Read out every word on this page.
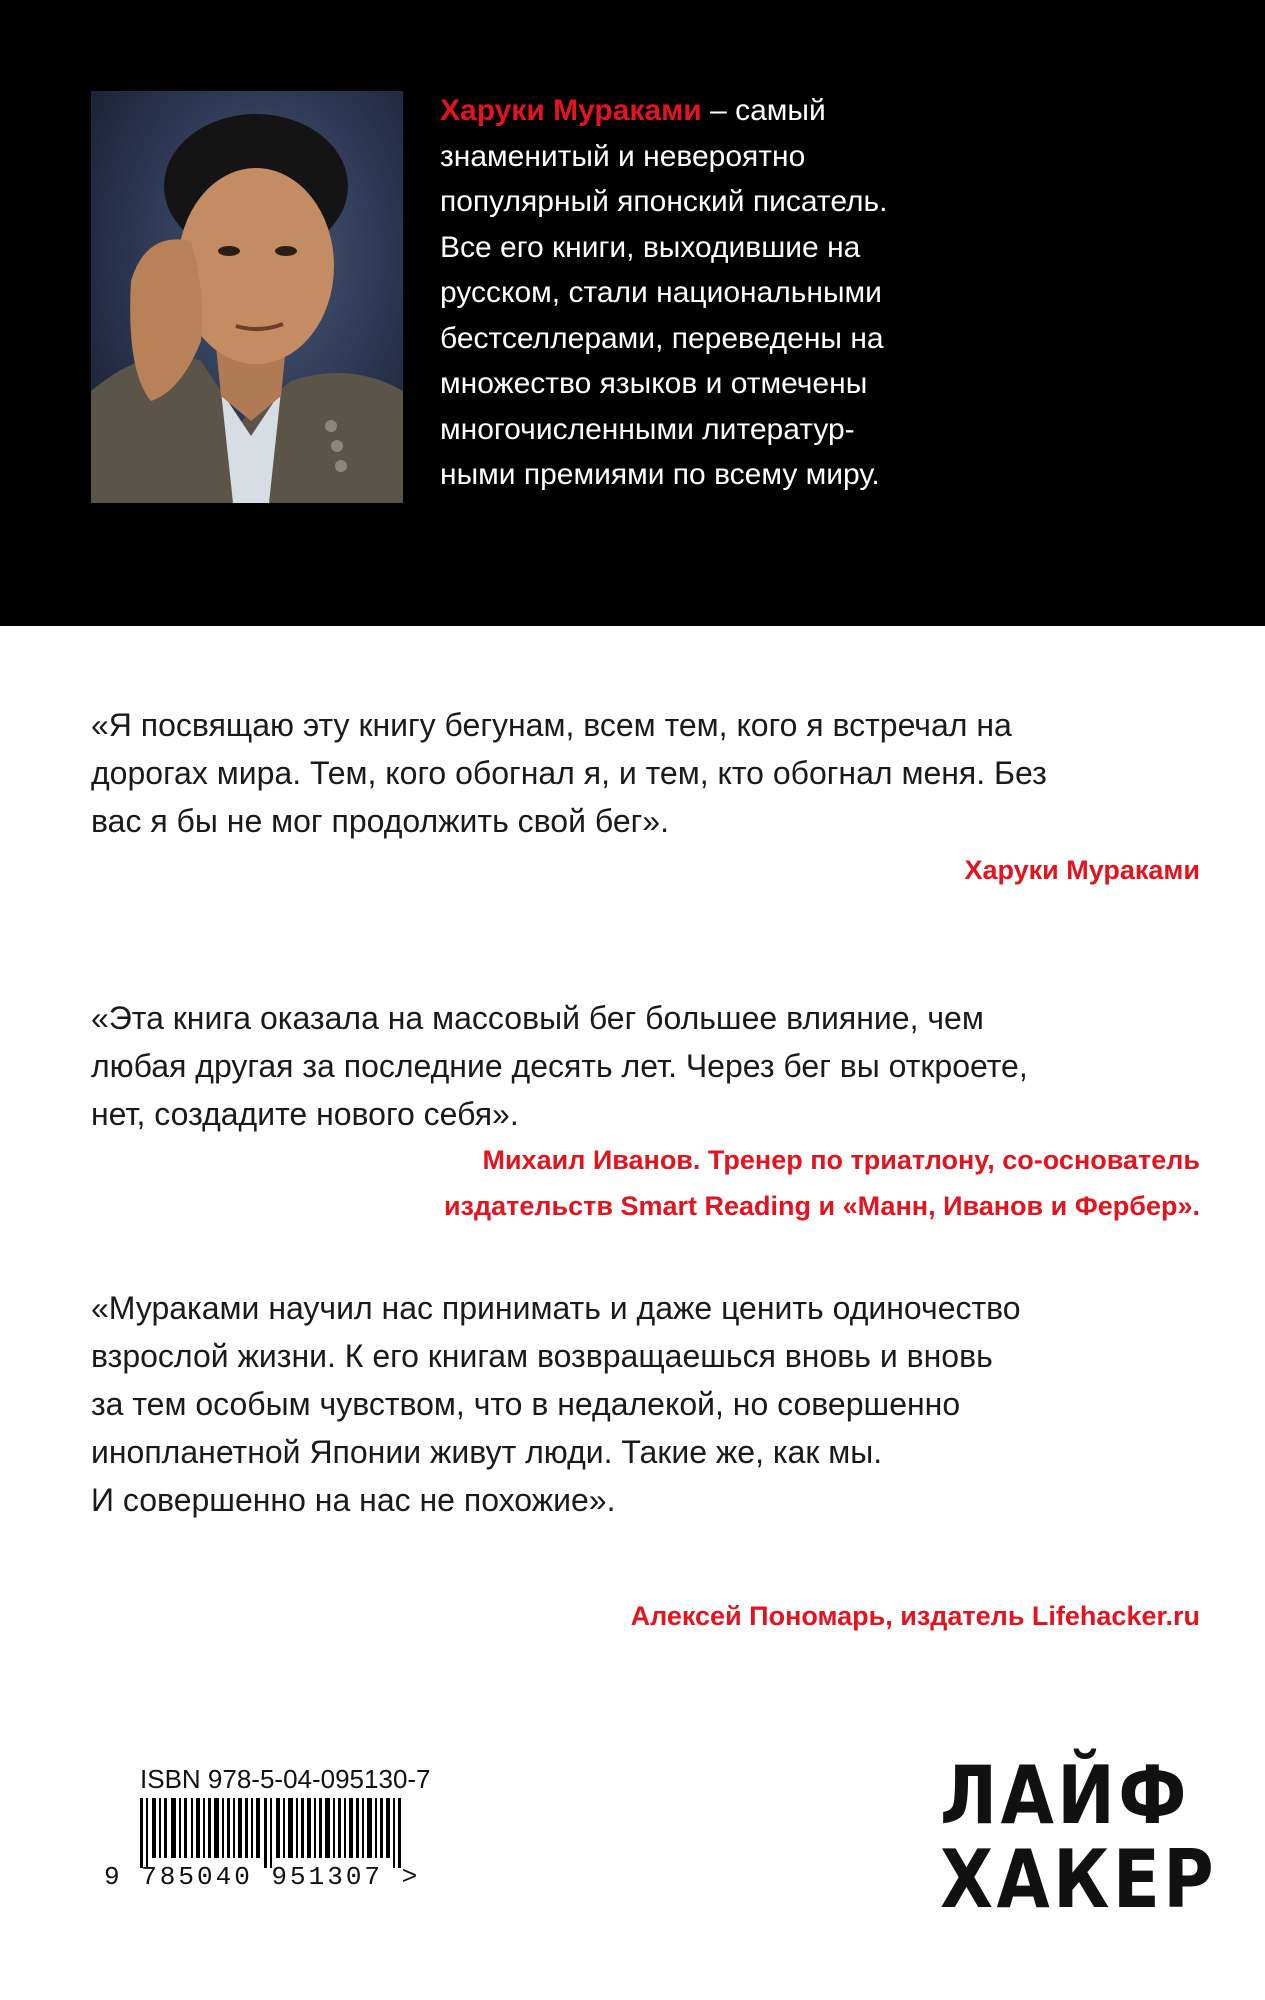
Харуки Мураками – самый
знаменитый и невероятно
популярный японский писатель.
Все его книги, выходившие на
русском, стали национальными
бестселлерами, переведены на
множество языков и отмечены
многочисленными литератур-
ными премиями по всему миру.
«Я посвящаю эту книгу бегунам, всем тем, кого я встречал на
дорогах мира. Тем, кого обогнал я, и тем, кто обогнал меня. Без
вас я бы не мог продолжить свой бег».
Харуки Мураками
«Эта книга оказала на массовый бег большее влияние, чем
любая другая за последние десять лет. Через бег вы откроете,
нет, создадите нового себя».
Михаил Иванов. Тренер по триатлону, со-основатель
издательств Smart Reading и «Манн, Иванов и Фербер».
«Мураками научил нас принимать и даже ценить одиночество
взрослой жизни. К его книгам возвращаешься вновь и вновь
за тем особым чувством, что в недалекой, но совершенно
инопланетной Японии живут люди. Такие же, как мы.
И совершенно на нас не похожие».
Алексей Пономарь, издатель Lifehacker.ru
ISBN 978-5-04-095130-7
9 785040 951307 >
ЛАЙФ
ХАКЕР
